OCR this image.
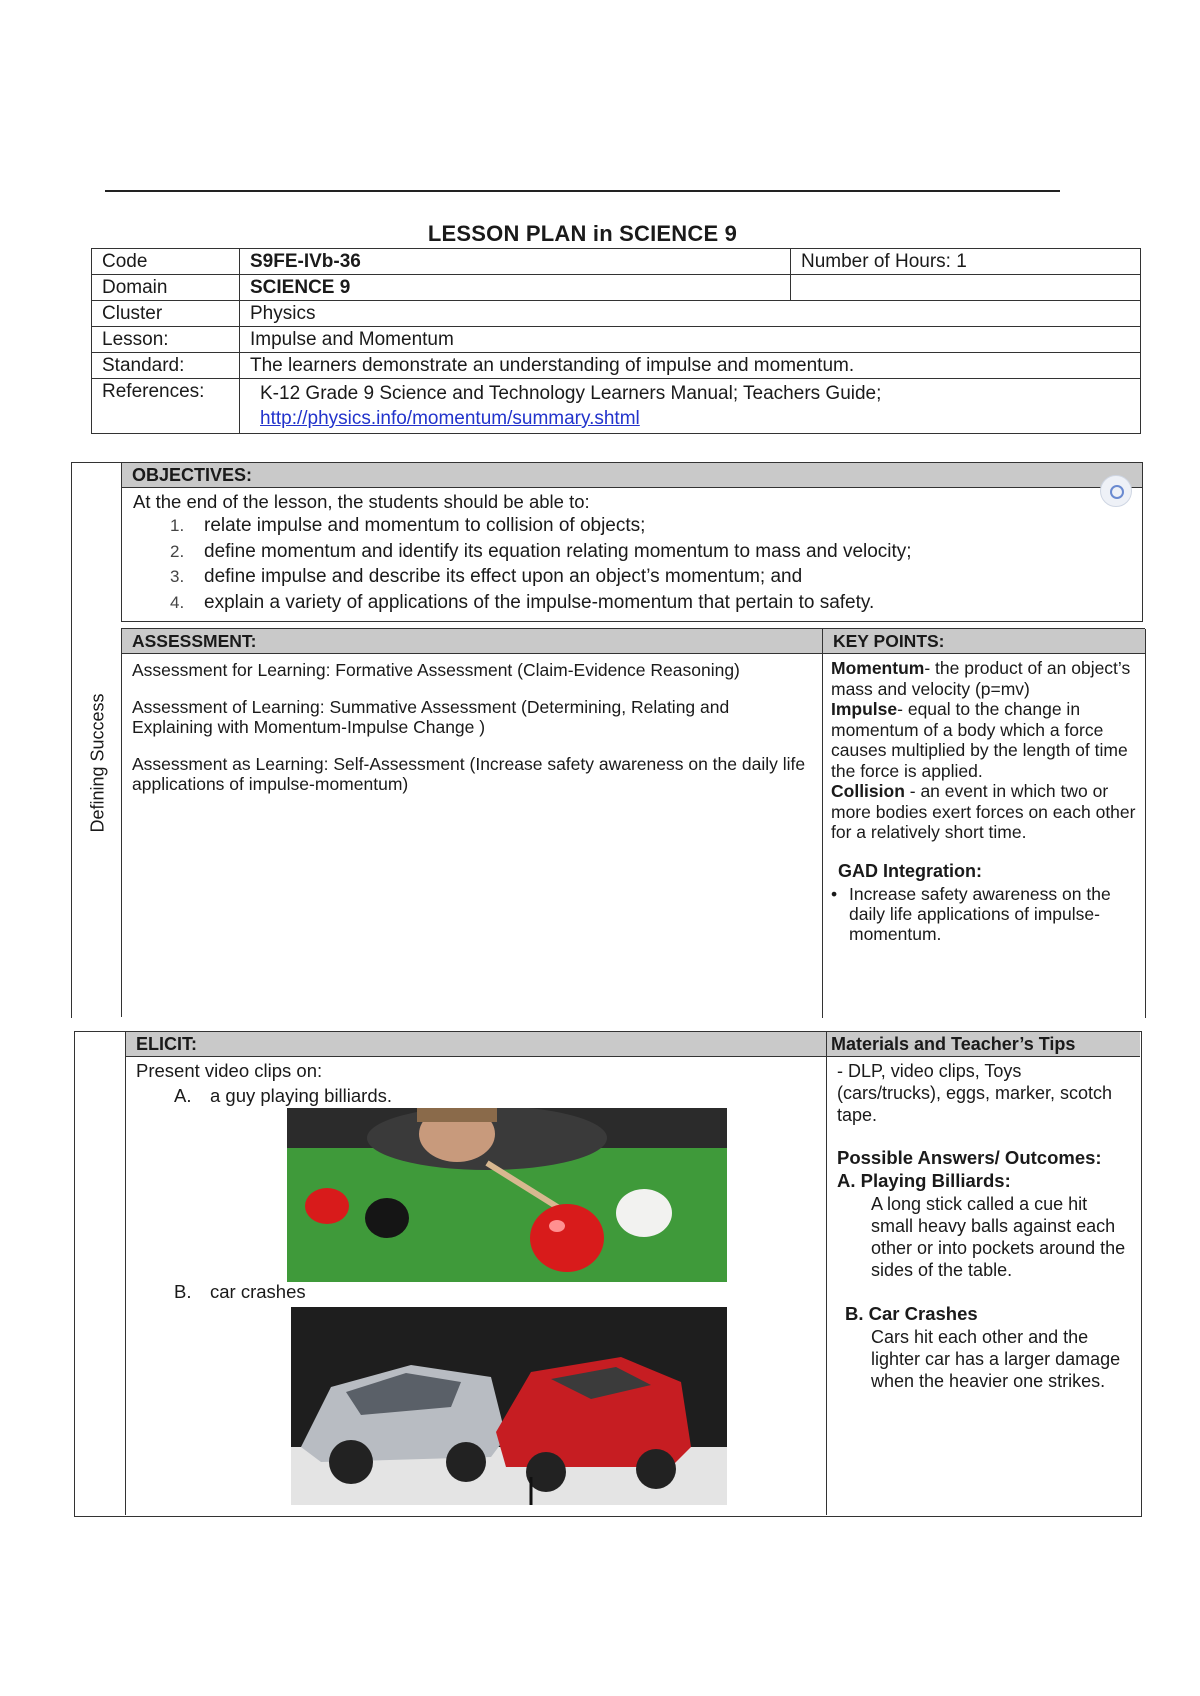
LESSON PLAN in SCIENCE 9
Code	S9FE-IVb-36	Number of Hours: 1
Domain	SCIENCE 9	
Cluster	Physics	
Lesson:	Impulse and Momentum	
Standard:	The learners demonstrate an understanding of impulse and momentum.	
References:	K-12 Grade 9 Science and Technology Learners Manual; Teachers Guide;
http://physics.info/momentum/summary.shtml	
Defining Success
OBJECTIVES:
At the end of the lesson, the students should be able to:
1. relate impulse and momentum to collision of objects;
2. define momentum and identify its equation relating momentum to mass and velocity;
3. define impulse and describe its effect upon an object’s momentum; and
4. explain a variety of applications of the impulse-momentum that pertain to safety.
ASSESSMENT:
Assessment for Learning: Formative Assessment (Claim-Evidence Reasoning)
Assessment of Learning: Summative Assessment (Determining, Relating and Explaining with Momentum-Impulse Change )
Assessment as Learning: Self-Assessment (Increase safety awareness on the daily life applications of impulse-momentum)
KEY POINTS:
Momentum- the product of an object’s mass and velocity (p=mv)
Impulse- equal to the change in momentum of a body which a force causes multiplied by the length of time the force is applied.
Collision - an event in which two or more bodies exert forces on each other for a relatively short time.
GAD Integration:
• Increase safety awareness on the daily life applications of impulse-momentum.
ELICIT:
Present video clips on:
A. a guy playing billiards.
B. car crashes
Materials and Teacher’s Tips
- DLP, video clips, Toys (cars/trucks), eggs, marker, scotch tape.
Possible Answers/ Outcomes:
A. Playing Billiards:
A long stick called a cue hit small heavy balls against each other or into pockets around the sides of the table.
B. Car Crashes
Cars hit each other and the lighter car has a larger damage when the heavier one strikes.
